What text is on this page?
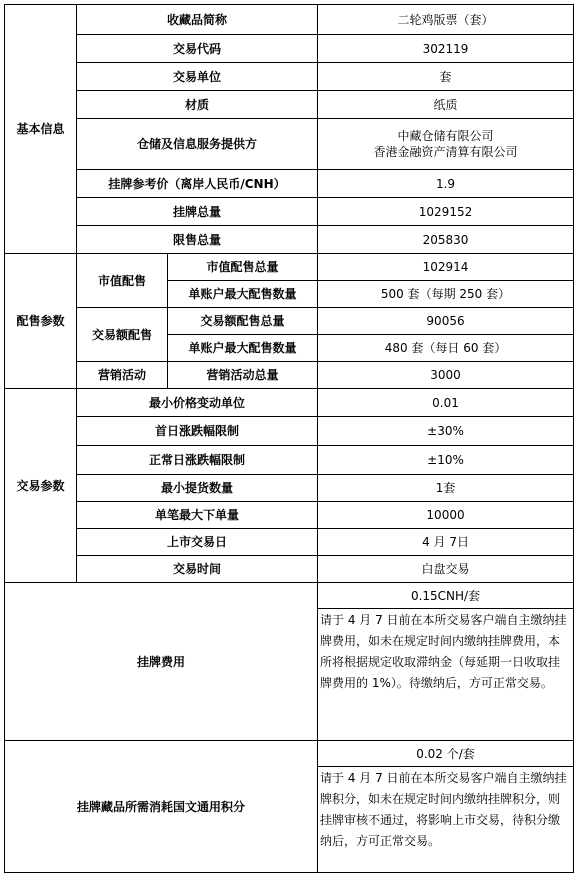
基本信息	收藏品简称		二轮鸡版票（套）
	交易代码		302119
	交易单位		套
	材质		纸质
	仓储及信息服务提供方		中藏仓储有限公司
香港金融资产清算有限公司

	挂牌参考价（离岸人民币/CNH）		1.9
	挂牌总量		1029152
	限售总量		205830
配售参数	市值配售	市值配售总量	102914
		单账户最大配售数量	500 套（每期 250 套）
	交易额配售	交易额配售总量	90056
		单账户最大配售数量	480 套（每日 60 套）
	营销活动	营销活动总量	3000
交易参数	最小价格变动单位		0.01
	首日涨跌幅限制		±30%
	正常日涨跌幅限制		±10%
	最小提货数量		1套
	单笔最大下单量		10000
	上市交易日		4 月 7日
	交易时间		白盘交易
挂牌费用			0.15CNH/套
			请于 4 月 7 日前在本所交易客户端自主缴纳挂牌费用，如未在规定时间内缴纳挂牌费用，本所将根据规定收取滞纳金（每延期一日收取挂牌费用的 1%）。待缴纳后，方可正常交易。
挂牌藏品所需消耗国文通用积分			0.02 个/套
			请于 4 月 7 日前在本所交易客户端自主缴纳挂牌积分，如未在规定时间内缴纳挂牌积分，则挂牌审核不通过，将影响上市交易，待积分缴纳后，方可正常交易。
